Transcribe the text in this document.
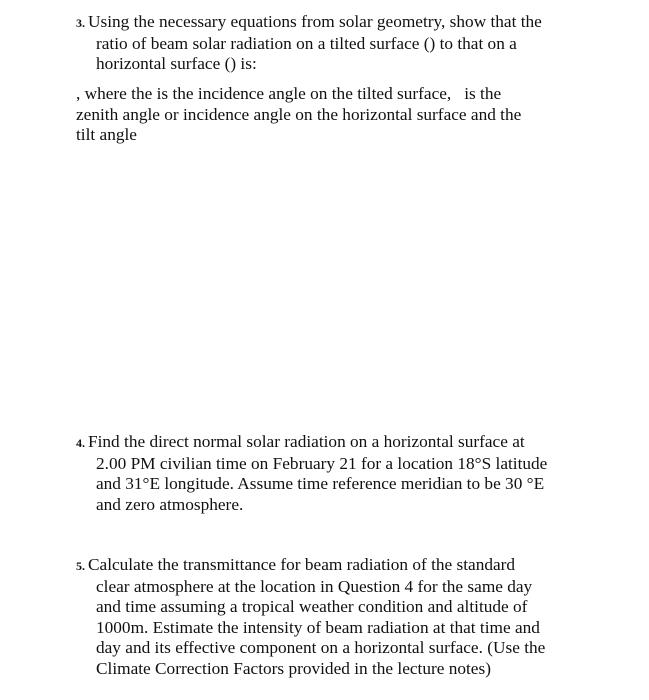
3. Using the necessary equations from solar geometry, show that the
ratio of beam solar radiation on a tilted surface () to that on a
horizontal surface () is:
, where the is the incidence angle on the tilted surface,   is the
zenith angle or incidence angle on the horizontal surface and the
tilt angle
4. Find the direct normal solar radiation on a horizontal surface at
2.00 PM civilian time on February 21 for a location 18°S latitude
and 31°E longitude. Assume time reference meridian to be 30 °E
and zero atmosphere.
5. Calculate the transmittance for beam radiation of the standard
clear atmosphere at the location in Question 4 for the same day
and time assuming a tropical weather condition and altitude of
1000m. Estimate the intensity of beam radiation at that time and
day and its effective component on a horizontal surface. (Use the
Climate Correction Factors provided in the lecture notes)
